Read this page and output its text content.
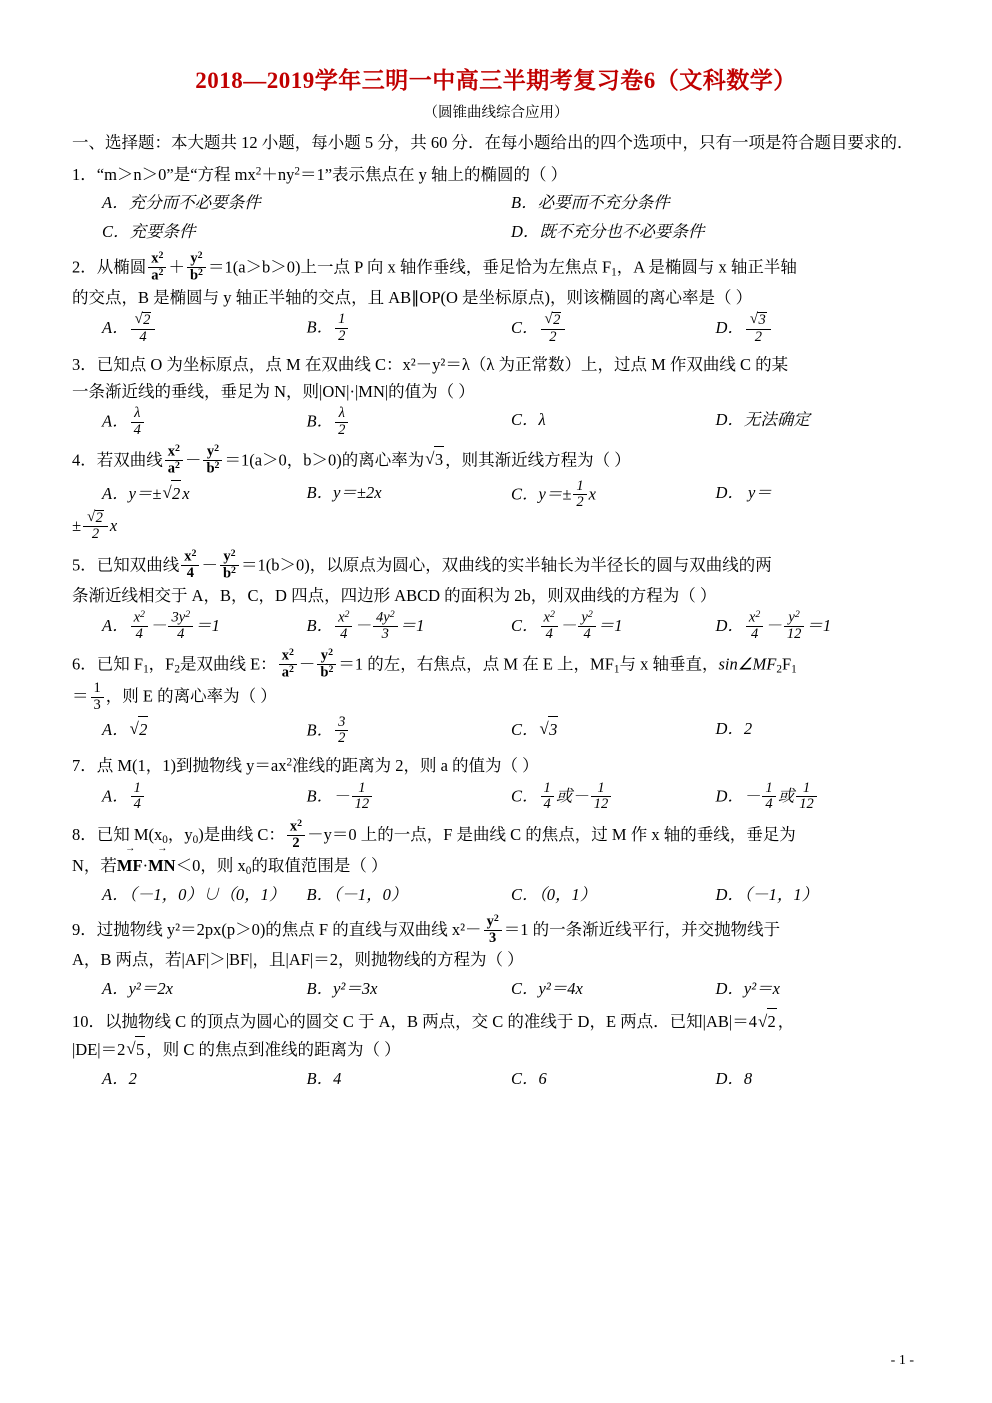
2018—2019学年三明一中高三半期考复习卷6（文科数学）
（圆锥曲线综合应用）
一、选择题：本大题共 12 小题，每小题 5 分，共 60 分．在每小题给出的四个选项中，只有一项是符合题目要求的．
1．“m＞n＞0”是“方程 $mx^2+ny^2=1$”表示焦点在 y 轴上的椭圆的（ ）
A．充分而不必要条件	B．必要而不充分条件
C．充要条件	D．既不充分也不必要条件
2．从椭圆 $\frac{x^2}{a^2} + \frac{y^2}{b^2} =1(a>b>0)$上一点 P 向 x 轴作垂线，垂足恰为左焦点 $F_1$，A 是椭圆与 x 轴正半轴
的交点，B 是椭圆与 y 轴正半轴的交点，且 AB∥OP(O 是坐标原点)，则该椭圆的离心率是（ ）
A． √ $\frac{2}{4}$	B． $\frac{1}{2}$	C． √ $\frac{2}{2}$	D． √ $\frac{3}{2}$
3．已知点 O 为坐标原点，点 M 在双曲线 C：x²－y²＝λ（λ 为正常数）上，过点 M 作双曲线 C 的某
一条渐近线的垂线，垂足为 N，则|ON|·|MN|的值为（ ）
A． $\frac{\lambda}{4}$	B． $\frac{\lambda}{2}$	C．λ	D．无法确定
4．若双曲线 $\frac{x^2}{a^2} - \frac{y^2}{b^2} =1(a>0$，b＞0)的离心率为 √ 3 ，则其渐近线方程为（ ）
A．y＝± √ 2 x	B．y＝±2x	C．$y=\pm \frac{1}{2}$ x	D． y＝
± √ $\frac{2}{2}$ x
5．已知双曲线 $\frac{x^2}{4} - \frac{y^2}{b^2} =1(b>0)$，以原点为圆心，双曲线的实半轴长为半径长的圆与双曲线的两
条渐近线相交于 A，B，C，D 四点，四边形 ABCD 的面积为 2b，则双曲线的方程为（ ）
A． $\frac{x^2}{4} - \frac{3y^2}{4} =1$	B． $\frac{x^2}{4} - \frac{4y^2}{3} =1$	C． $\frac{x^2}{4} - \frac{y^2}{4} =1$	D． $\frac{x^2}{4} - \frac{y^2}{12} =1$
6．已知 $F_1$，$F_2$是双曲线 E： $\frac{x^2}{a^2} - \frac{y^2}{b^2} =1$ 的左，右焦点，点 M 在 E 上，$MF_1$与 x 轴垂直，$\sin\angle MF_2F_1$
＝ $\frac{1}{3}$ ，则 E 的离心率为（ ）
A． √ 2	B． $\frac{3}{2}$	C． √ 3	D．2
7．点 M(1，1)到抛物线 $y=ax^2$准线的距离为 2，则 a 的值为（ ）
A． $\frac{1}{4}$	B．－ $\frac{1}{12}$	C． $\frac{1}{4}$ 或－ $\frac{1}{12}$	D．－ $\frac{1}{4}$ 或 $\frac{1}{12}$
8．已知 $M(x_0$，$y_0$)是曲线 C： $\frac{x^2}{2} -y=0$ 上的一点，F 是曲线 C 的焦点，过 M 作 x 轴的垂线，垂足为
N，若MF →·MN →＜0，则 $x_0$的取值范围是（ ）
A．（－1，0）∪（0，1）	B．（－1，0）	C．（0，1）	D．（－1，1）
9．过抛物线 y²＝2px(p＞0)的焦点 F 的直线与双曲线 $x^2- \frac{y^2}{3} =1$ 的一条渐近线平行，并交抛物线于
A，B 两点，若|AF|＞|BF|，且|AF|＝2，则抛物线的方程为（ ）
A．y²＝2x	B．y²＝3x	C．y²＝4x	D．y²＝x
10．以抛物线 C 的顶点为圆心的圆交 C 于 A，B 两点，交 C 的准线于 D，E 两点．已知|AB|＝4 √ 2 ，
|DE|＝2 √ 5 ，则 C 的焦点到准线的距离为（ ）
A．2	B．4	C．6	D．8
- 1 -
